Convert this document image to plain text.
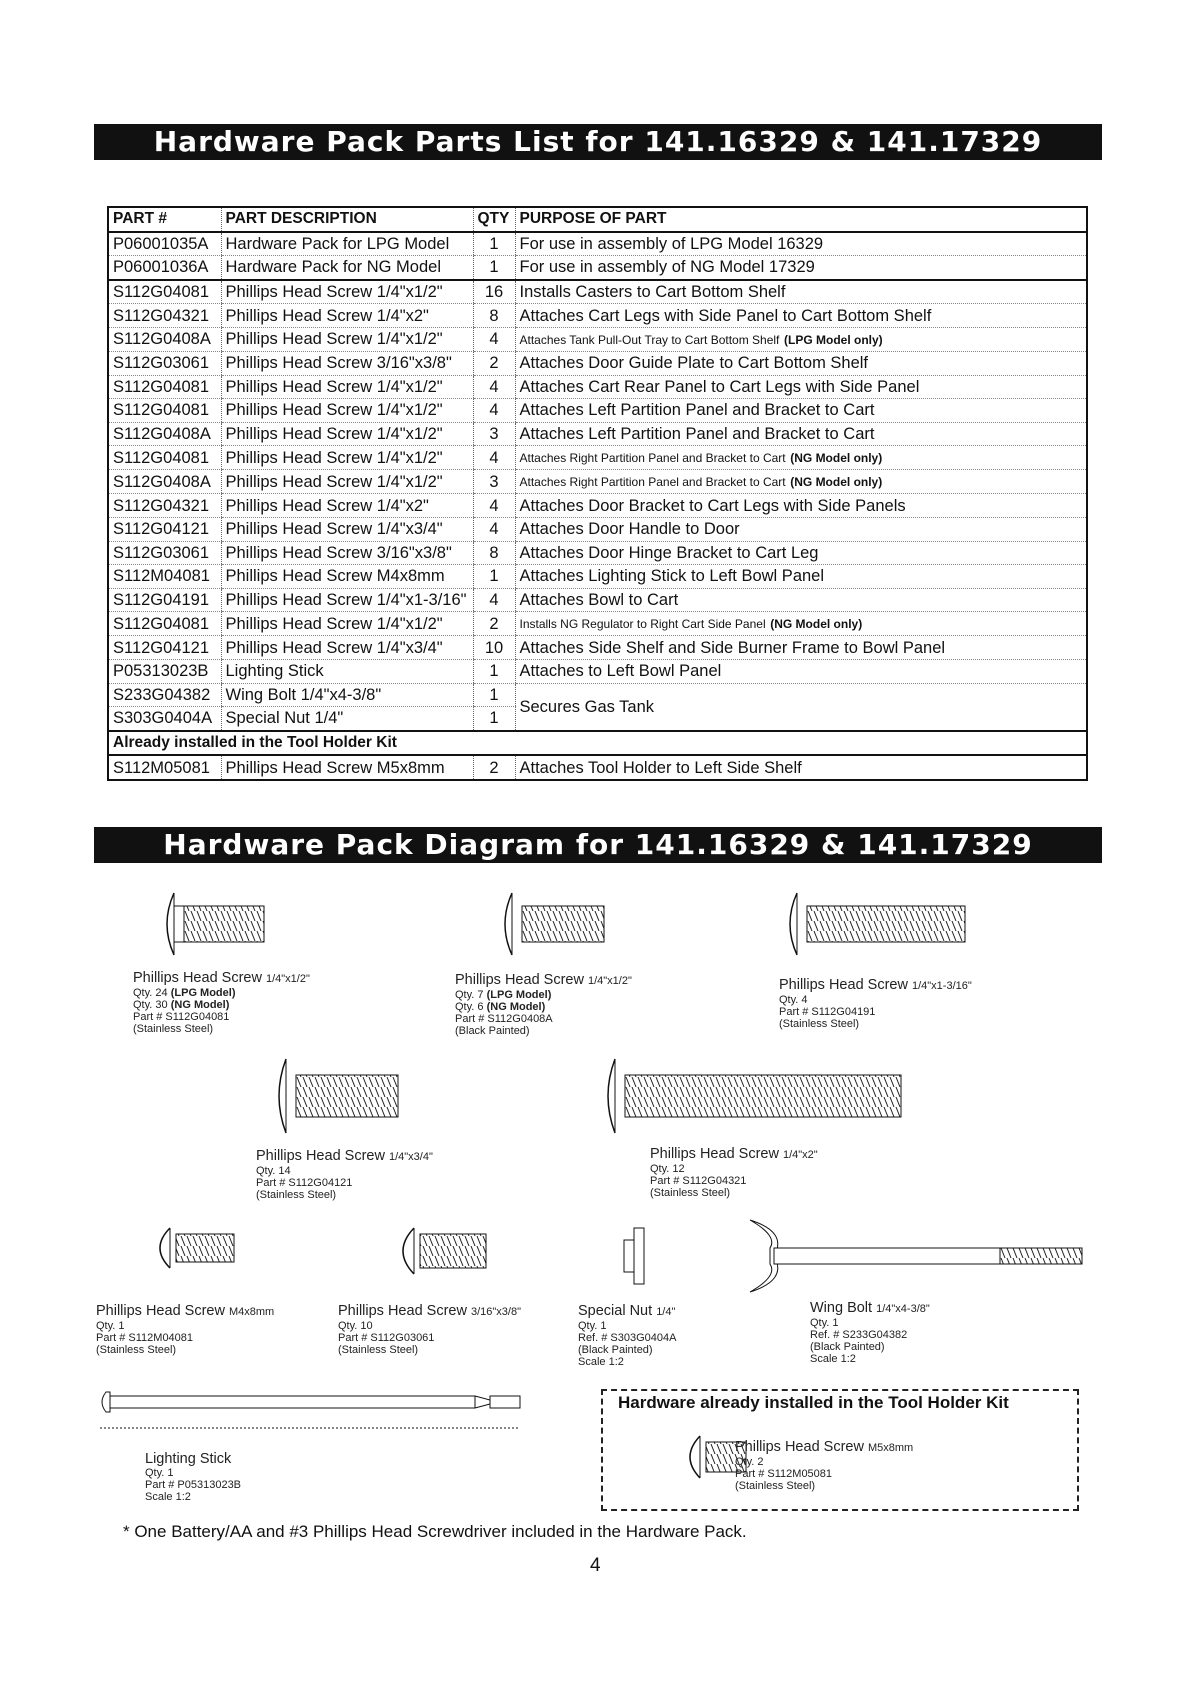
Hardware Pack Parts List for 141.16329 & 141.17329
PART #	PART DESCRIPTION	QTY	PURPOSE OF PART
P06001035A	Hardware Pack for LPG Model	1	For use in assembly of LPG Model 16329
P06001036A	Hardware Pack for NG Model	1	For use in assembly of NG Model 17329
S112G04081	Phillips Head Screw 1/4"x1/2"	16	Installs Casters to Cart Bottom Shelf
S112G04321	Phillips Head Screw 1/4"x2"	8	Attaches Cart Legs with Side Panel to Cart Bottom Shelf
S112G0408A	Phillips Head Screw 1/4"x1/2"	4	Attaches Tank Pull-Out Tray to Cart Bottom Shelf (LPG Model only)
S112G03061	Phillips Head Screw 3/16"x3/8"	2	Attaches Door Guide Plate to Cart Bottom Shelf
S112G04081	Phillips Head Screw 1/4"x1/2"	4	Attaches Cart Rear Panel to Cart Legs with Side Panel
S112G04081	Phillips Head Screw 1/4"x1/2"	4	Attaches Left Partition Panel and Bracket to Cart
S112G0408A	Phillips Head Screw 1/4"x1/2"	3	Attaches Left Partition Panel and Bracket to Cart
S112G04081	Phillips Head Screw 1/4"x1/2"	4	Attaches Right Partition Panel and Bracket to Cart (NG Model only)
S112G0408A	Phillips Head Screw 1/4"x1/2"	3	Attaches Right Partition Panel and Bracket to Cart (NG Model only)
S112G04321	Phillips Head Screw 1/4"x2"	4	Attaches Door Bracket to Cart Legs with Side Panels
S112G04121	Phillips Head Screw 1/4"x3/4"	4	Attaches Door Handle to Door
S112G03061	Phillips Head Screw 3/16"x3/8"	8	Attaches Door Hinge Bracket to Cart Leg
S112M04081	Phillips Head Screw M4x8mm	1	Attaches Lighting Stick to Left Bowl Panel
S112G04191	Phillips Head Screw 1/4"x1-3/16"	4	Attaches Bowl to Cart
S112G04081	Phillips Head Screw 1/4"x1/2"	2	Installs NG Regulator to Right Cart Side Panel (NG Model only)
S112G04121	Phillips Head Screw 1/4"x3/4"	10	Attaches Side Shelf and Side Burner Frame to Bowl Panel
P05313023B	Lighting Stick	1	Attaches to Left Bowl Panel
S233G04382	Wing Bolt 1/4"x4-3/8"	1	Secures Gas Tank
S303G0404A	Special Nut 1/4"	1	
Already installed in the Tool Holder Kit			
S112M05081	Phillips Head Screw M5x8mm	2	Attaches Tool Holder to Left Side Shelf
Hardware Pack Diagram for 141.16329 & 141.17329
Phillips Head Screw 1/4"x1/2"
Qty. 24 (LPG Model)
Qty. 30 (NG Model)
Part # S112G04081
(Stainless Steel)
Phillips Head Screw 1/4"x1/2"
Qty. 7 (LPG Model)
Qty. 6 (NG Model)
Part # S112G0408A
(Black Painted)
Phillips Head Screw 1/4"x1-3/16"
Qty. 4
Part # S112G04191
(Stainless Steel)
Phillips Head Screw 1/4"x3/4"
Qty. 14
Part # S112G04121
(Stainless Steel)
Phillips Head Screw 1/4"x2"
Qty. 12
Part # S112G04321
(Stainless Steel)
Phillips Head Screw M4x8mm
Qty. 1
Part # S112M04081
(Stainless Steel)
Phillips Head Screw 3/16"x3/8"
Qty. 10
Part # S112G03061
(Stainless Steel)
Special Nut 1/4"
Qty. 1
Ref. # S303G0404A
(Black Painted)
Scale 1:2
Wing Bolt 1/4"x4-3/8"
Qty. 1
Ref. # S233G04382
(Black Painted)
Scale 1:2
Lighting Stick
Qty. 1
Part # P05313023B
Scale 1:2
Hardware already installed in the Tool Holder Kit
Phillips Head Screw M5x8mm
Qty. 2
Part # S112M05081
(Stainless Steel)
* One Battery/AA and #3 Phillips Head Screwdriver included in the Hardware Pack.
4
